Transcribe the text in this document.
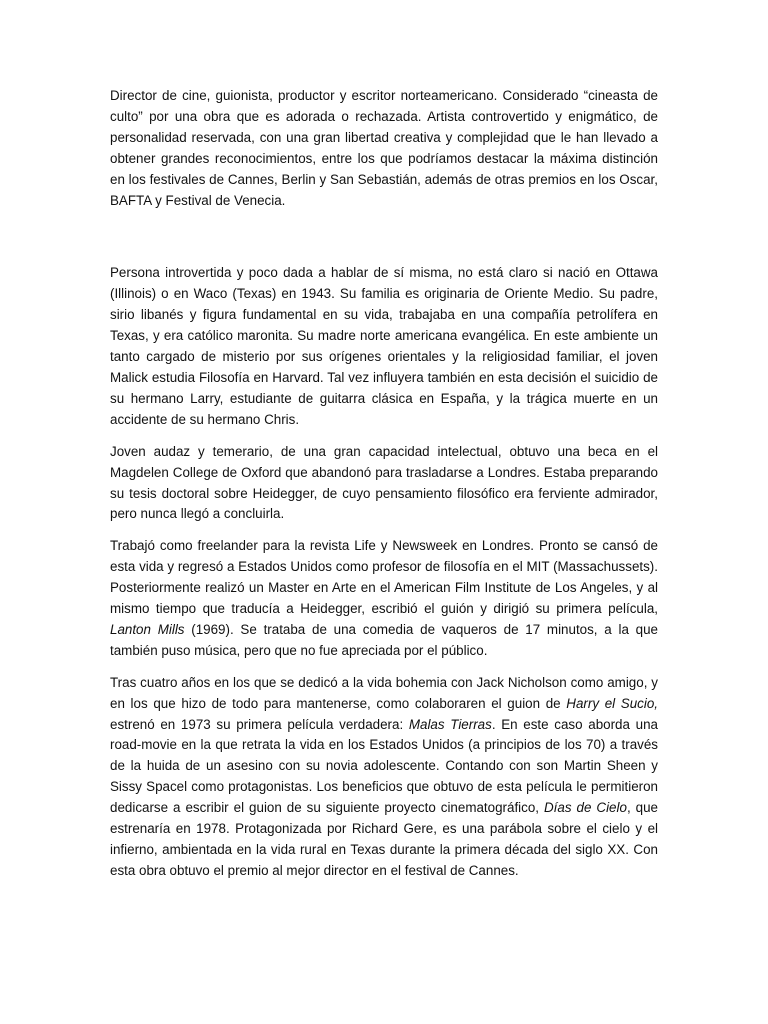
Director de cine, guionista, productor y escritor norteamericano. Considerado “cineasta de culto” por una obra que es adorada o rechazada. Artista controvertido y enigmático, de personalidad reservada, con una gran libertad creativa y complejidad que le han llevado a obtener grandes reconocimientos, entre los que podríamos destacar la máxima distinción en los festivales de Cannes, Berlin y San Sebastián, además de otras premios en los Oscar, BAFTA y Festival de Venecia.

Persona introvertida y poco dada a hablar de sí misma, no está claro si nació en Ottawa (Illinois) o en Waco (Texas) en 1943. Su familia es originaria de Oriente Medio. Su padre, sirio libanés y figura fundamental en su vida, trabajaba en una compañía petrolífera en Texas, y era católico maronita. Su madre norte americana evangélica. En este ambiente un tanto cargado de misterio por sus orígenes orientales y la religiosidad familiar, el joven Malick estudia Filosofía en Harvard. Tal vez influyera también en esta decisión el suicidio de su hermano Larry, estudiante de guitarra clásica en España, y la trágica muerte en un accidente de su hermano Chris.

Joven audaz y temerario, de una gran capacidad intelectual, obtuvo una beca en el Magdelen College de Oxford que abandonó para trasladarse a Londres. Estaba preparando su tesis doctoral sobre Heidegger, de cuyo pensamiento filosófico era ferviente admirador, pero nunca llegó a concluirla.

Trabajó como freelander para la revista Life y Newsweek en Londres. Pronto se cansó de esta vida y regresó a Estados Unidos como profesor de filosofía en el MIT (Massachussets). Posteriormente realizó un Master en Arte en el American Film Institute de Los Angeles, y al mismo tiempo que traducía a Heidegger, escribió el guión y dirigió su primera película, Lanton Mills (1969). Se trataba de una comedia de vaqueros de 17 minutos, a la que también puso música, pero que no fue apreciada por el público.

Tras cuatro años en los que se dedicó a la vida bohemia con Jack Nicholson como amigo, y en los que hizo de todo para mantenerse, como colaboraren el guion de Harry el Sucio, estrenó en 1973 su primera película verdadera: Malas Tierras. En este caso aborda una road-movie en la que retrata la vida en los Estados Unidos (a principios de los 70) a través de la huida de un asesino con su novia adolescente. Contando con son Martin Sheen y Sissy Spacel como protagonistas. Los beneficios que obtuvo de esta película le permitieron dedicarse a escribir el guion de su siguiente proyecto cinematográfico, Días de Cielo, que estrenaría en 1978. Protagonizada por Richard Gere, es una parábola sobre el cielo y el infierno, ambientada en la vida rural en Texas durante la primera década del siglo XX. Con esta obra obtuvo el premio al mejor director en el festival de Cannes.
